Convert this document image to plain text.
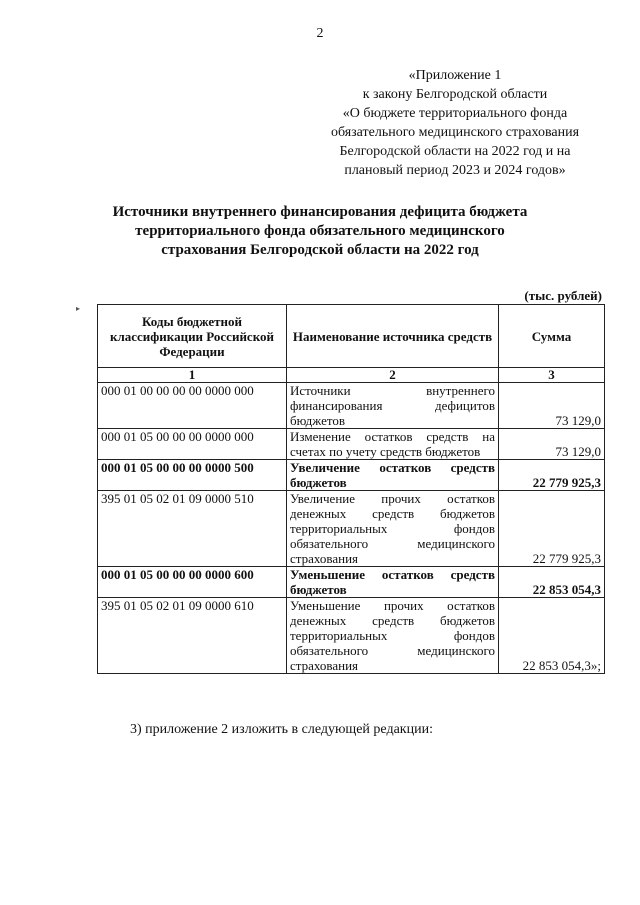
2
«Приложение 1
к закону Белгородской области
«О бюджете территориального фонда
обязательного медицинского страхования
Белгородской области на 2022 год и на
плановый период 2023 и 2024 годов»
Источники внутреннего финансирования дефицита бюджета
территориального фонда обязательного медицинского
страхования Белгородской области на 2022 год
(тыс. рублей)
▸
Коды бюджетной классификации Российской Федерации	Наименование источника средств	Сумма
1	2	3
000 01 00 00 00 00 0000 000	Источники внутреннего финансирования дефицитов бюджетов	73 129,0
000 01 05 00 00 00 0000 000	Изменение остатков средств на счетах по учету средств бюджетов	73 129,0
000 01 05 00 00 00 0000 500	Увеличение остатков средств бюджетов	22 779 925,3
395 01 05 02 01 09 0000 510	Увеличение прочих остатков денежных средств бюджетов территориальных фондов обязательного медицинского страхования	22 779 925,3
000 01 05 00 00 00 0000 600	Уменьшение остатков средств бюджетов	22 853 054,3
395 01 05 02 01 09 0000 610	Уменьшение прочих остатков денежных средств бюджетов территориальных фондов обязательного медицинского страхования	22 853 054,3»;
3) приложение 2 изложить в следующей редакции:
